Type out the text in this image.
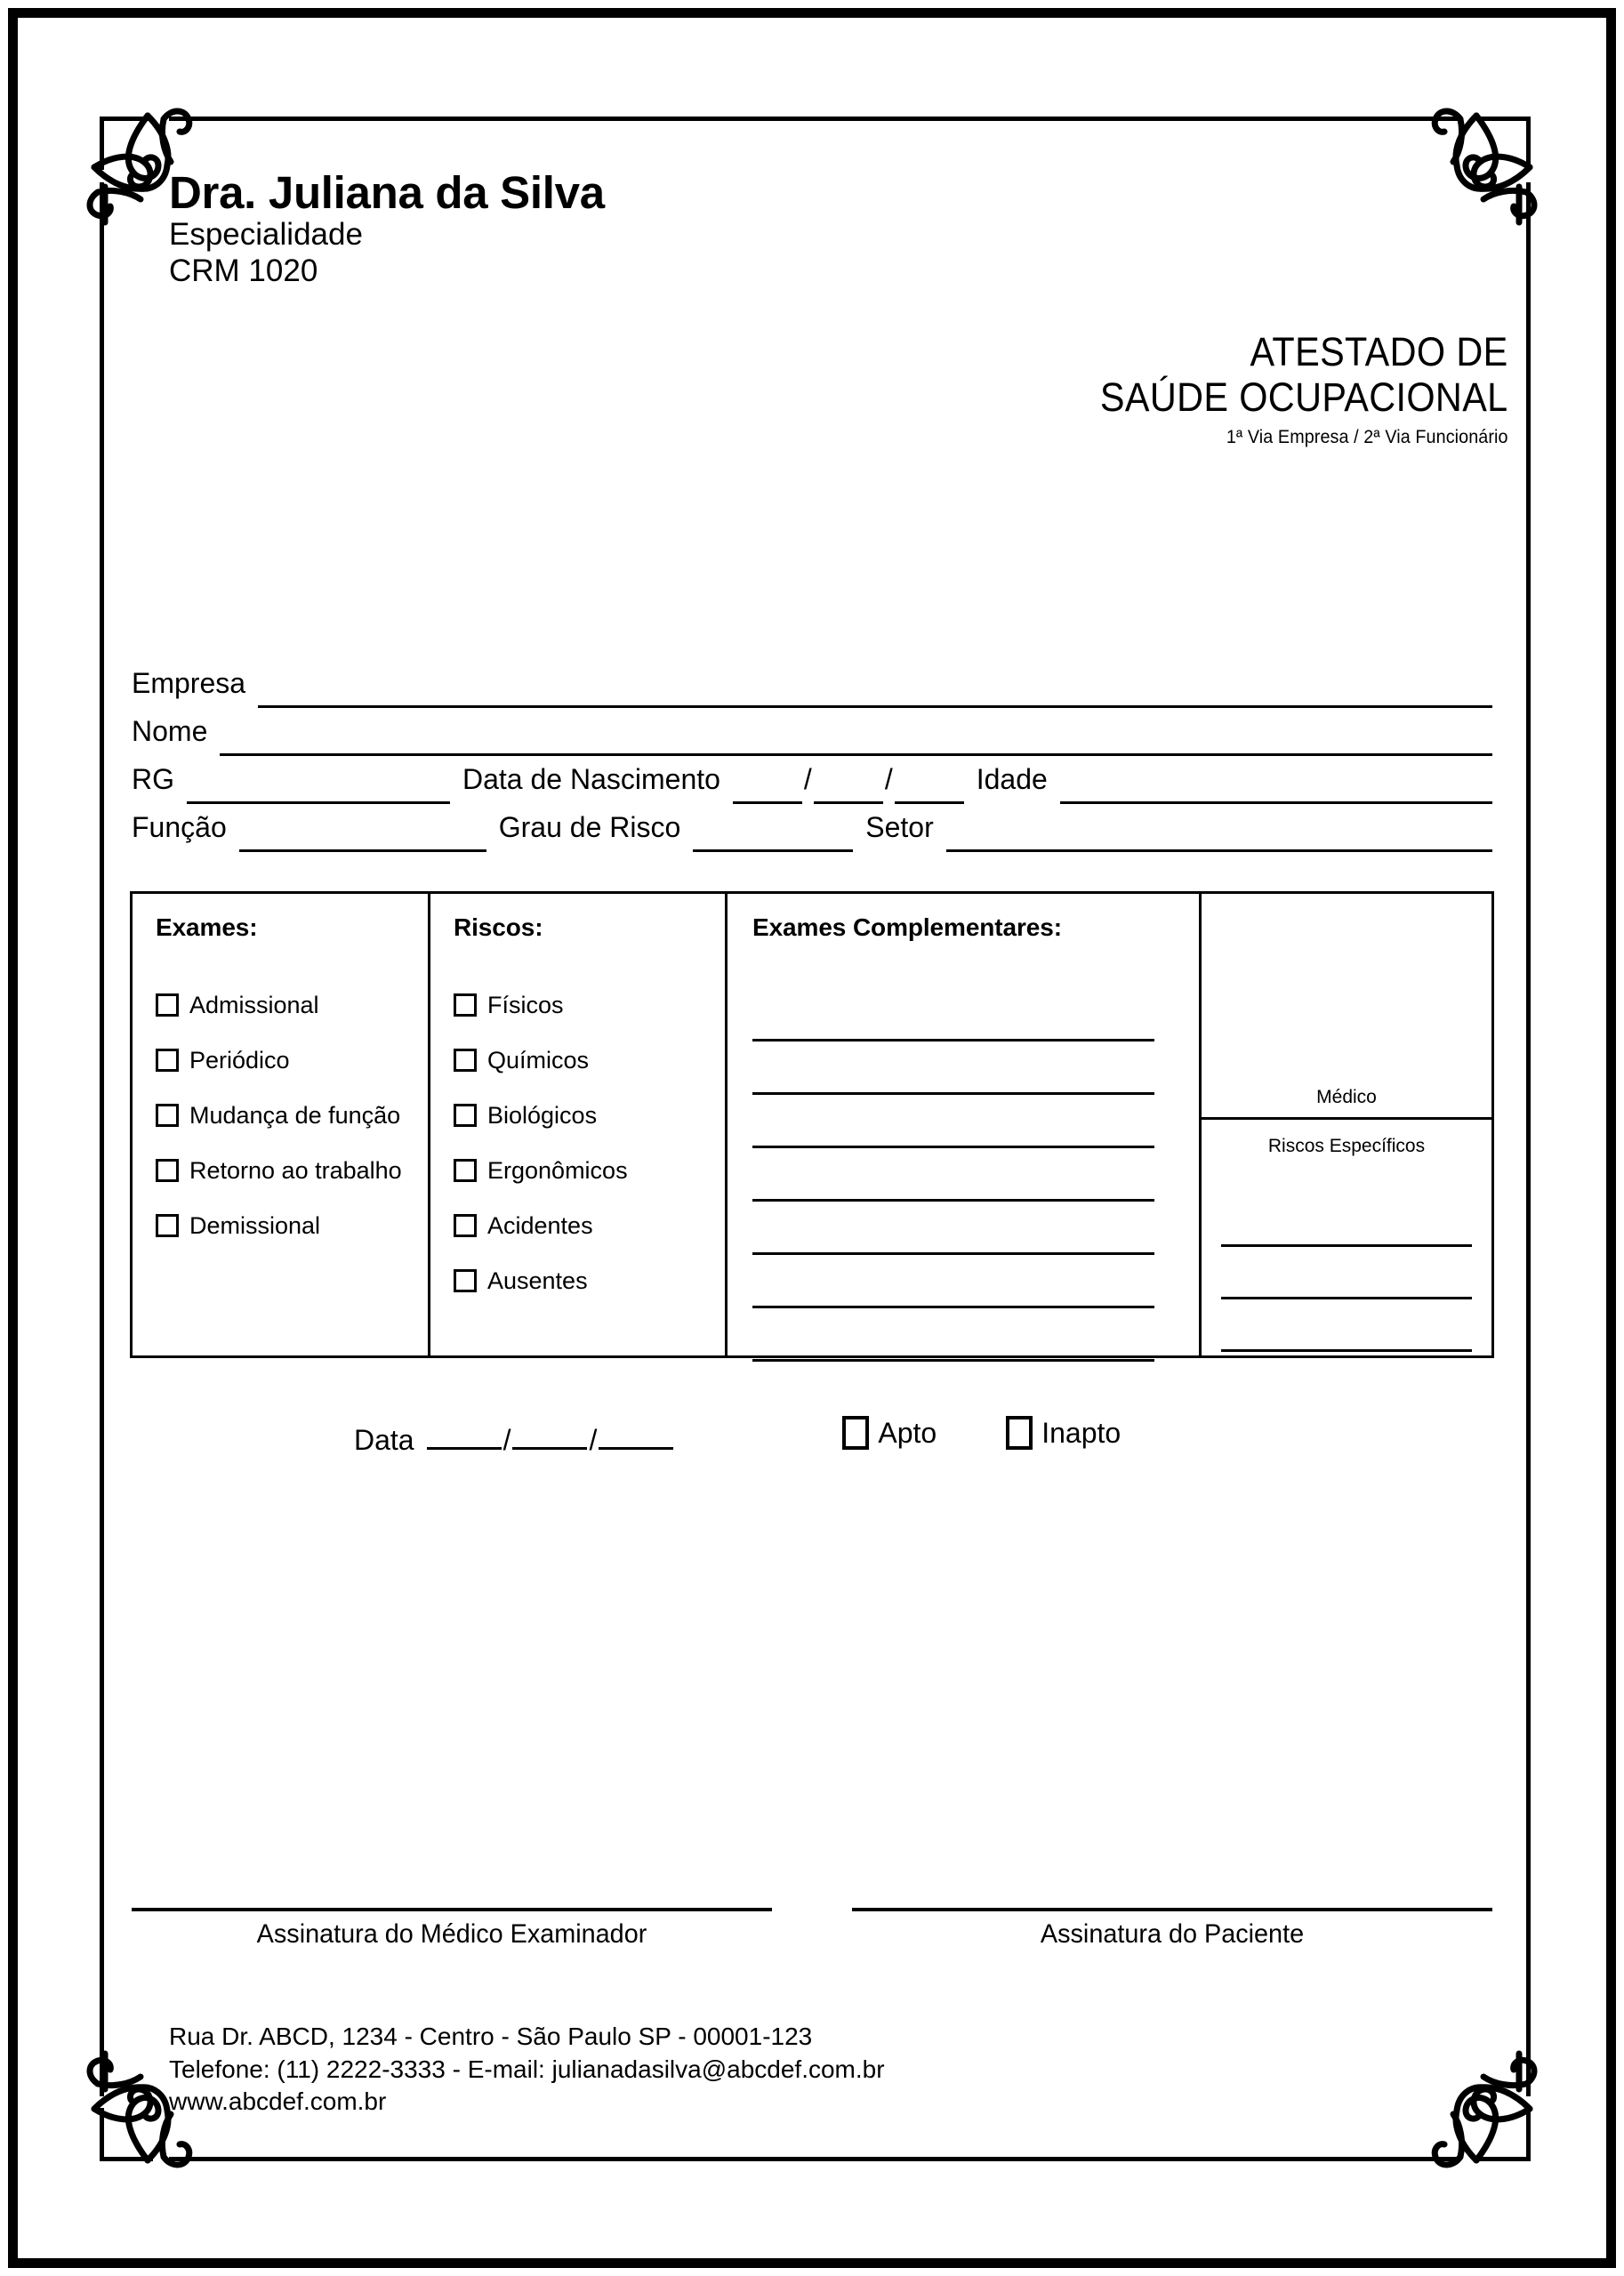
Dra. Juliana da Silva
Especialidade
CRM 1020
ATESTADO DE
SAÚDE OCUPACIONAL
1ª Via Empresa / 2ª Via Funcionário
Empresa
Nome
RG	Data de Nascimento	/	/	Idade
Função	Grau de Risco	Setor
Exames:
Admissional
Periódico
Mudança de função
Retorno ao trabalho
Demissional
Riscos:
Físicos
Químicos
Biológicos
Ergonômicos
Acidentes
Ausentes
Exames Complementares:
Médico
Riscos Específicos
Data	/	/	Apto	Inapto
Assinatura do Médico Examinador	Assinatura do Paciente
Rua Dr. ABCD, 1234 - Centro - São Paulo SP - 00001-123
Telefone: (11) 2222-3333 - E-mail: julianadasilva@abcdef.com.br
www.abcdef.com.br
